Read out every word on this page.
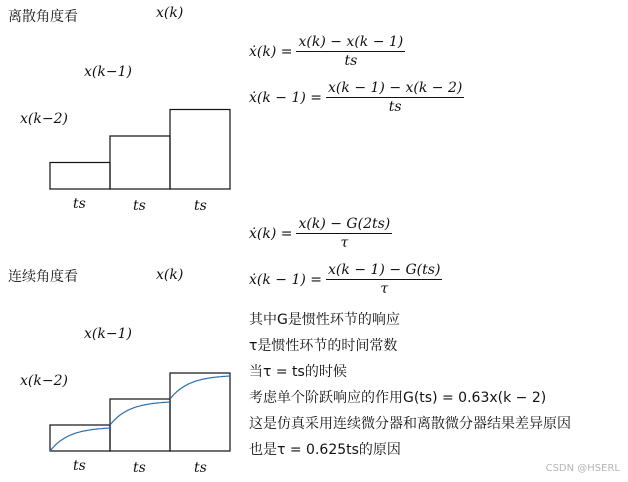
离散角度看
x(k−2)
x(k−1)
x(k)
ts	ts	ts
ẋ(k) = $\frac{x(k) - x(k - 1)}{ts}$
ẋ(k − $1) = \frac{x(k - 1) - x(k - 2)}{ts}$
ẋ(k) = $\frac{x(k) - G(2ts)}{\tau}$
ẋ(k − $1) = \frac{x(k - 1) - G(ts)}{\tau}$
连续角度看	x(k)
x(k−1)
x(k−2)
ts	ts	ts
其中G是惯性环节的响应
τ是惯性环节的时间常数
当τ = ts的时候
考虑单个阶跃响应的作用G(ts) = 0.63x(k − 2)
这是仿真采用连续微分器和离散微分器结果差异原因
也是τ = 0.625ts的原因
CSDN @HSERL
